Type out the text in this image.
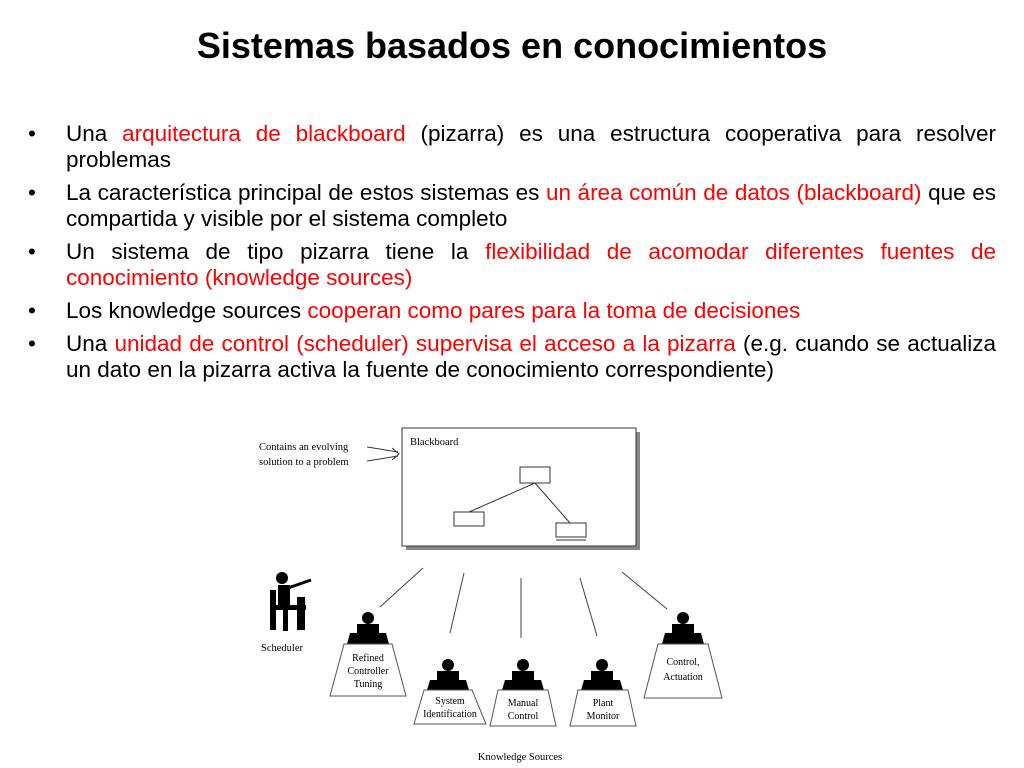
Sistemas basados en conocimientos
• Una arquitectura de blackboard (pizarra) es una estructura cooperativa para resolver problemas
• La característica principal de estos sistemas es un área común de datos (blackboard) que es compartida y visible por el sistema completo
• Un sistema de tipo pizarra tiene la flexibilidad de acomodar diferentes fuentes de conocimiento (knowledge sources)
• Los knowledge sources cooperan como pares para la toma de decisiones
• Una unidad de control (scheduler) supervisa el acceso a la pizarra (e.g. cuando se actualiza un dato en la pizarra activa la fuente de conocimiento correspondiente)
Contains an evolving
solution to a problem
Blackboard
Scheduler
Refined
Controller
Tuning
System
Identification
Manual
Control
Plant
Monitor
Control,
Actuation
Knowledge Sources
